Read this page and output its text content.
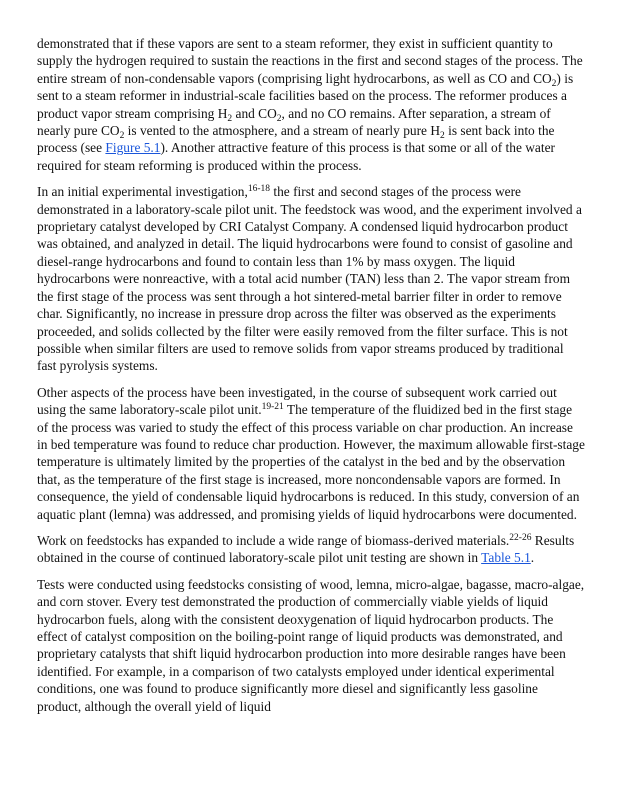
demonstrated that if these vapors are sent to a steam reformer, they exist in sufficient quantity to supply the hydrogen required to sustain the reactions in the first and second stages of the process. The entire stream of non-condensable vapors (comprising light hydrocarbons, as well as CO and $CO_2$) is sent to a steam reformer in industrial-scale facilities based on the process. The reformer produces a product vapor stream comprising $H_2$ and $CO_2$, and no CO remains. After separation, a stream of nearly pure $CO_2$ is vented to the atmosphere, and a stream of nearly pure $H_2$ is sent back into the process (see Figure 5.1). Another attractive feature of this process is that some or all of the water required for steam reforming is produced within the process.

In an initial experimental investigation,$^{16-18}$ the first and second stages of the process were demonstrated in a laboratory-scale pilot unit. The feedstock was wood, and the experiment involved a proprietary catalyst developed by CRI Catalyst Company. A condensed liquid hydrocarbon product was obtained, and analyzed in detail. The liquid hydrocarbons were found to consist of gasoline and diesel-range hydrocarbons and found to contain less than 1% by mass oxygen. The liquid hydrocarbons were nonreactive, with a total acid number (TAN) less than 2. The vapor stream from the first stage of the process was sent through a hot sintered-metal barrier filter in order to remove char. Significantly, no increase in pressure drop across the filter was observed as the experiments proceeded, and solids collected by the filter were easily removed from the filter surface. This is not possible when similar filters are used to remove solids from vapor streams produced by traditional fast pyrolysis systems.

Other aspects of the process have been investigated, in the course of subsequent work carried out using the same laboratory-scale pilot unit.$^{19-21}$ The temperature of the fluidized bed in the first stage of the process was varied to study the effect of this process variable on char production. An increase in bed temperature was found to reduce char production. However, the maximum allowable first-stage temperature is ultimately limited by the properties of the catalyst in the bed and by the observation that, as the temperature of the first stage is increased, more noncondensable vapors are formed. In consequence, the yield of condensable liquid hydrocarbons is reduced. In this study, conversion of an aquatic plant (lemna) was addressed, and promising yields of liquid hydrocarbons were documented.

Work on feedstocks has expanded to include a wide range of biomass-derived materials.$^{22-26}$ Results obtained in the course of continued laboratory-scale pilot unit testing are shown in Table 5.1.

Tests were conducted using feedstocks consisting of wood, lemna, micro-algae, bagasse, macro-algae, and corn stover. Every test demonstrated the production of commercially viable yields of liquid hydrocarbon fuels, along with the consistent deoxygenation of liquid hydrocarbon products. The effect of catalyst composition on the boiling-point range of liquid products was demonstrated, and proprietary catalysts that shift liquid hydrocarbon production into more desirable ranges have been identified. For example, in a comparison of two catalysts employed under identical experimental conditions, one was found to produce significantly more diesel and significantly less gasoline product, although the overall yield of liquid
